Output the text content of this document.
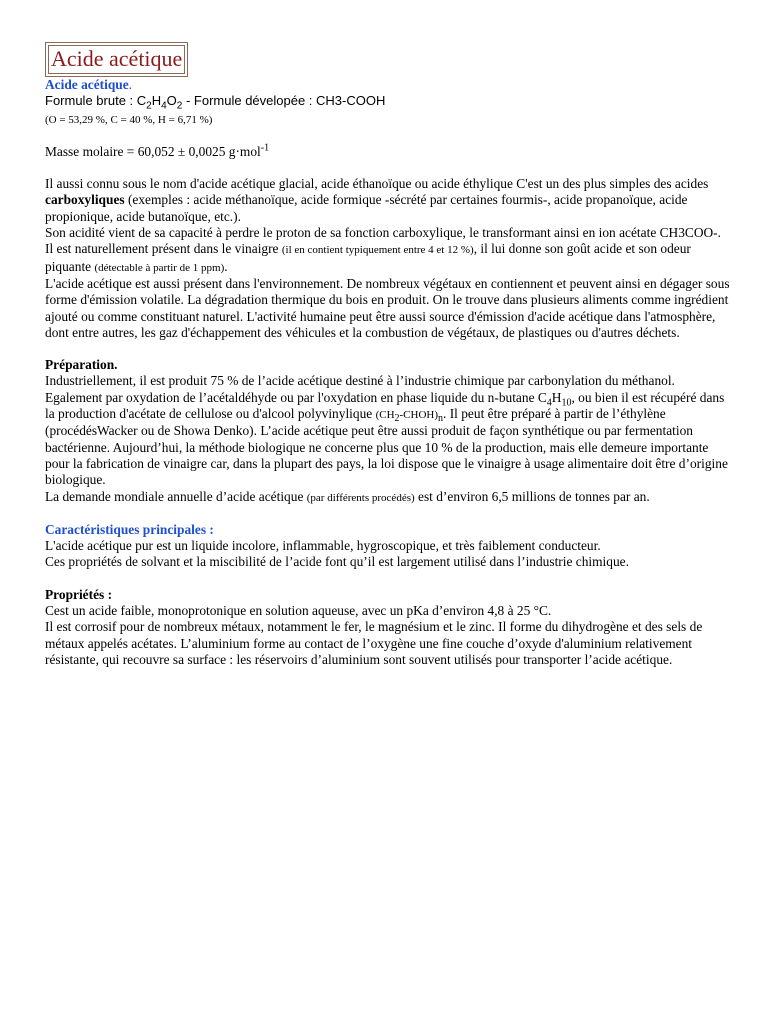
Acide acétique

Acide acétique.

Formule brute : $C_2H_4O_2$ - Formule dévelopée : CH3-COOH

(O = 53,29 %, C = 40 %, H = 6,71 %)

Masse molaire = 60,052 ± 0,0025 g·mol$^{-1}$

Il aussi connu sous le nom d'acide acétique glacial, acide éthanoïque ou acide éthylique C'est un des plus simples des acides carboxyliques (exemples : acide méthanoïque, acide formique -sécrété par certaines fourmis-, acide propanoïque, acide propionique, acide butanoïque, etc.).

Son acidité vient de sa capacité à perdre le proton de sa fonction carboxylique, le transformant ainsi en ion acétate CH3COO-.

Il est naturellement présent dans le vinaigre (il en contient typiquement entre 4 et 12 %), il lui donne son goût acide et son odeur piquante (détectable à partir de 1 ppm).

L'acide acétique est aussi présent dans l'environnement. De nombreux végétaux en contiennent et peuvent ainsi en dégager sous forme d'émission volatile. La dégradation thermique du bois en produit. On le trouve dans plusieurs aliments comme ingrédient ajouté ou comme constituant naturel. L'activité humaine peut être aussi source d'émission d'acide acétique dans l'atmosphère, dont entre autres, les gaz d'échappement des véhicules et la combustion de végétaux, de plastiques ou d'autres déchets.

Préparation.

Industriellement, il est produit 75 % de l’acide acétique destiné à l’industrie chimique par carbonylation du méthanol. Egalement par oxydation de l’acétaldéhyde ou par l'oxydation en phase liquide du n-butane $C_4H_{10}$, ou bien il est récupéré dans la production d'acétate de cellulose ou d'alcool polyvinylique $(CH_2-CHOH)_n$. Il peut être préparé à partir de l’éthylène (procédésWacker ou de Showa Denko). L’acide acétique peut être aussi produit de façon synthétique ou par fermentation bactérienne. Aujourd’hui, la méthode biologique ne concerne plus que 10 % de la production, mais elle demeure importante pour la fabrication de vinaigre car, dans la plupart des pays, la loi dispose que le vinaigre à usage alimentaire doit être d’origine biologique.

La demande mondiale annuelle d’acide acétique (par différents procédés) est d’environ 6,5 millions de tonnes par an.

Caractéristiques principales :

L'acide acétique pur est un liquide incolore, inflammable, hygroscopique, et très faiblement conducteur.

Ces propriétés de solvant et la miscibilité de l’acide font qu’il est largement utilisé dans l’industrie chimique.

Propriétés :

Cest un acide faible, monoprotonique en solution aqueuse, avec un pKa d’environ 4,8 à 25 °C.

Il est corrosif pour de nombreux métaux, notamment le fer, le magnésium et le zinc. Il forme du dihydrogène et des sels de métaux appelés acétates. L’aluminium forme au contact de l’oxygène une fine couche d’oxyde d'aluminium relativement résistante, qui recouvre sa surface : les réservoirs d’aluminium sont souvent utilisés pour transporter l’acide acétique.
